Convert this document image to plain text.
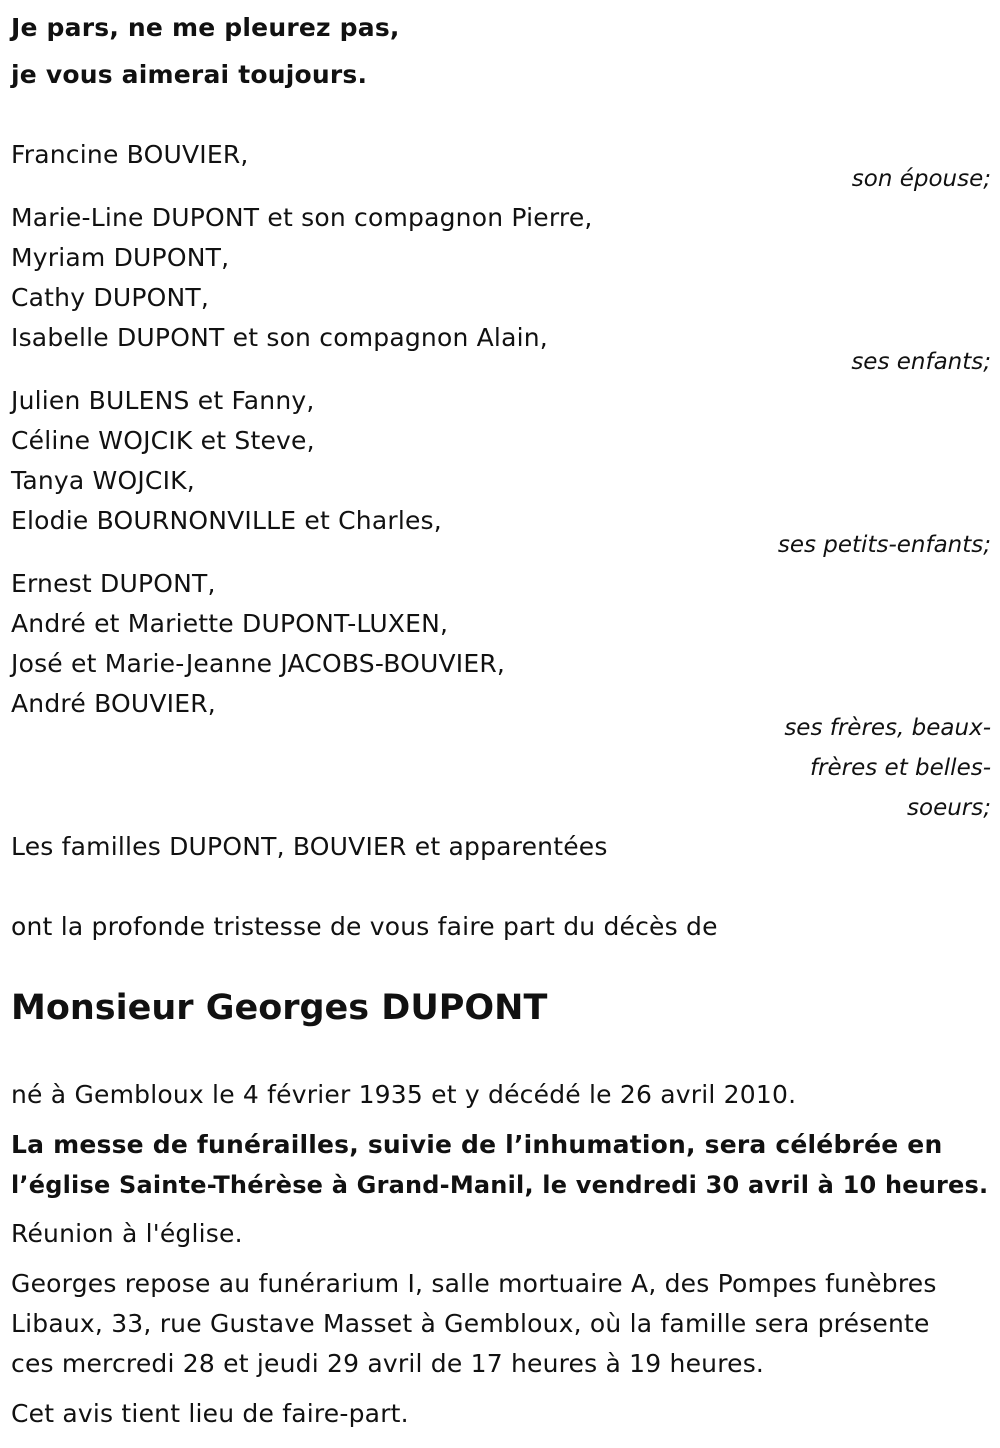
Je pars, ne me pleurez pas,
je vous aimerai toujours.
Francine BOUVIER,
son épouse;
Marie-Line DUPONT et son compagnon Pierre,
Myriam DUPONT,
Cathy DUPONT,
Isabelle DUPONT et son compagnon Alain,
ses enfants;
Julien BULENS et Fanny,
Céline WOJCIK et Steve,
Tanya WOJCIK,
Elodie BOURNONVILLE et Charles,
ses petits-enfants;
Ernest DUPONT,
André et Mariette DUPONT-LUXEN,
José et Marie-Jeanne JACOBS-BOUVIER,
André BOUVIER,
ses frères, beaux-
frères et belles-
soeurs;
Les familles DUPONT, BOUVIER et apparentées
ont la profonde tristesse de vous faire part du décès de
Monsieur Georges DUPONT
né à Gembloux le 4 février 1935 et y décédé le 26 avril 2010.
La messe de funérailles, suivie de l’inhumation, sera célébrée en
l’église Sainte-Thérèse à Grand-Manil, le vendredi 30 avril à 10 heures.
Réunion à l'église.
Georges repose au funérarium I, salle mortuaire A, des Pompes funèbres
Libaux, 33, rue Gustave Masset à Gembloux, où la famille sera présente
ces mercredi 28 et jeudi 29 avril de 17 heures à 19 heures.
Cet avis tient lieu de faire-part.
